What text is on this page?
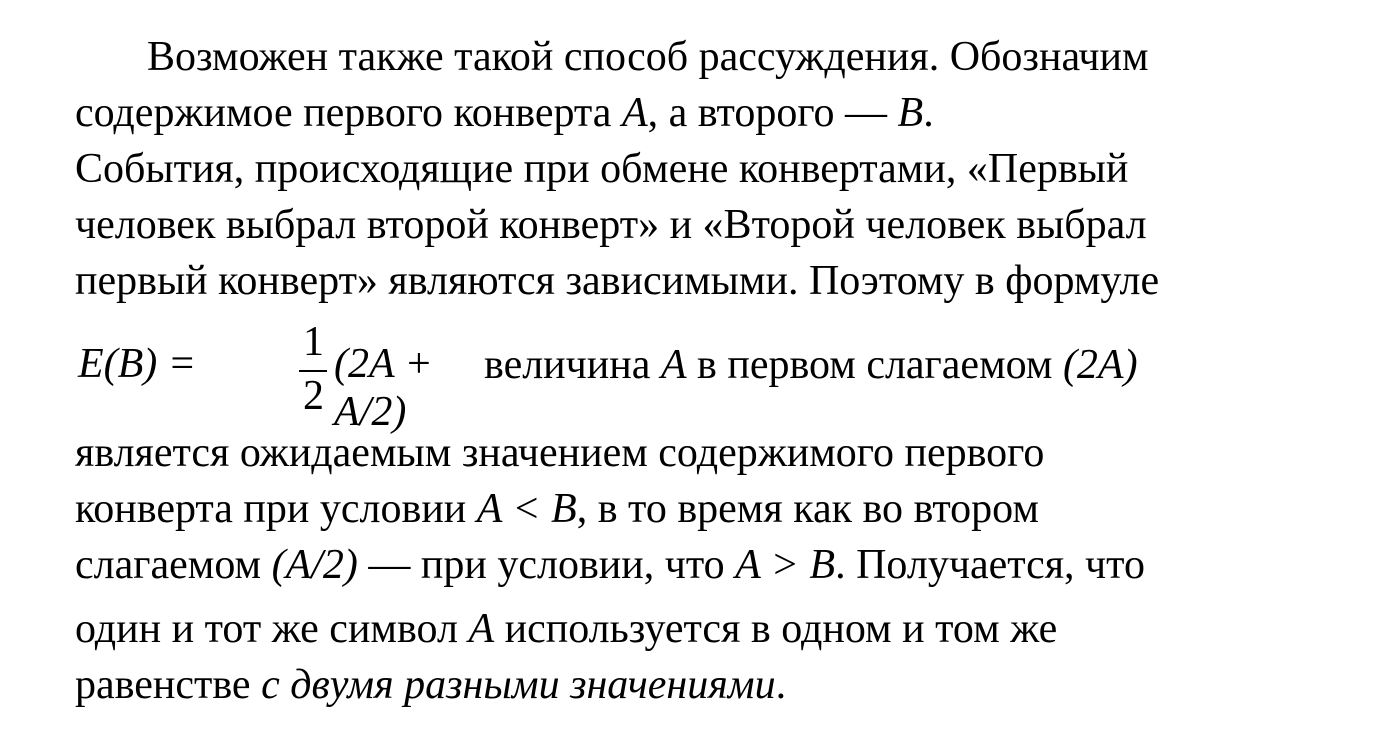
Возможен также такой способ рассуждения. Обозначим
содержимое первого конверта A, а второго — B.
События, происходящие при обмене конвертами, «Первый
человек выбрал второй конверт» и «Второй человек выбрал
первый конверт» являются зависимыми. Поэтому в формуле
E(B) =	1
2
(2A + A/2)
величина A в первом слагаемом (2A)
является ожидаемым значением содержимого первого
конверта при условии A < B, в то время как во втором
слагаемом (A/2) — при условии, что A > B. Получается, что
один и тот же символ A используется в одном и том же
равенстве с двумя разными значениями.
